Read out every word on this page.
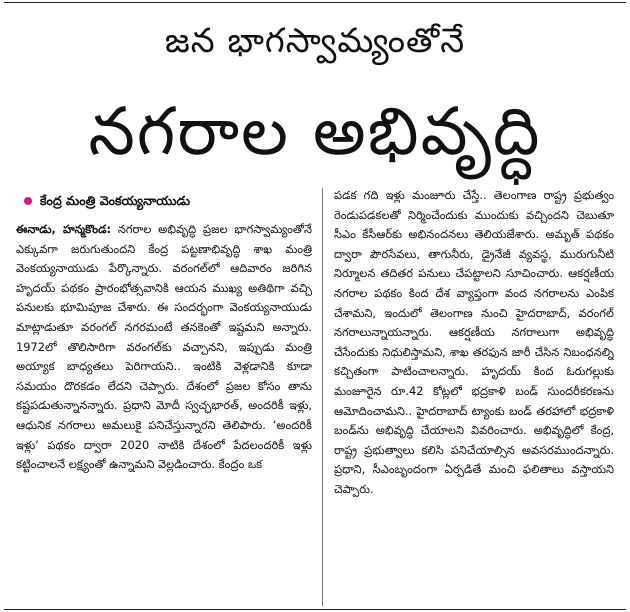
జన భాగస్వామ్యంతోనే
నగరాల అభివృద్ధి
కేంద్ర మంత్రి వెంకయ్యనాయుడు

ఈనాడు, హన్మకొండ: నగరాల అభివృద్ధి ప్రజల భాగస్వామ్యంతోనే ఎక్కువగా జరుగుతుందని కేంద్ర పట్టణాభివృద్ధి శాఖ మంత్రి వెంకయ్యనాయుడు పేర్కొన్నారు. వరంగల్‌లో ఆదివారం జరిగిన హృదయ్ పథకం ప్రారంభోత్సవానికి ఆయన ముఖ్య అతిథిగా వచ్చి పనులకు భూమిపూజ చేశారు. ఈ సందర్భంగా వెంకయ్యనాయుడు మాట్లాడుతూ వరంగల్ నగరమంటే తనకెంతో ఇష్టమని అన్నారు. 1972లో తొలిసారిగా వరంగల్‌కు వచ్చానని, ఇప్పుడు మంత్రి అయ్యాక బాధ్యతలు పెరిగాయని.. ఇంటికి వెళ్లడానికి కూడా సమయం దొరకడం లేదని చెప్పారు. దేశంలో ప్రజల కోసం తాను కష్టపడుతున్నానన్నారు. ప్రధాని మోదీ స్వచ్ఛభారత్, అందరికీ ఇళ్లు, ఆధునిక నగరాలు అమలుకై పనిచేస్తున్నారని తెలిపారు. ‘అందరికీ ఇళ్లు’ పథకం ద్వారా 2020 నాటికి దేశంలో పేదలందరికీ ఇళ్లు కట్టించాలనే లక్ష్యంతో ఉన్నామని వెల్లడించారు. కేంద్రం ఒక

పడక గది ఇళ్లు మంజూరు చేస్తే.. తెలంగాణ రాష్ట్ర ప్రభుత్వం రెండుపడకలతో నిర్మించేందుకు ముందుకు వచ్చిందని చెబుతూ సీఎం కేసీఆర్‌కు అభినందనలు తెలియజేశారు. అమృత్ పథకం ద్వారా పౌరసేవలు, తాగునీరు, డ్రైనేజీ వ్యవస్థ, మురుగునీటి నిర్మూలన తదితర పనులు చేపట్టాలని సూచించారు. ఆకర్షణీయ నగరాల పథకం కింద దేశ వ్యాప్తంగా వంద నగరాలను ఎంపిక చేశామని, ఇందులో తెలంగాణ నుంచి హైదరాబాద్, వరంగల్ నగరాలున్నాయన్నారు. ఆకర్షణీయ నగరాలుగా అభివృద్ధి చేసేందుకు నిధులిస్తామని, శాఖ తరఫున జారీ చేసిన నిబంధనల్ని కచ్చితంగా పాటించాలన్నారు. హృదయ్ కింద ఓరుగల్లుకు మంజూరైన రూ.42 కోట్లలో భద్రకాళి బండ్ సుందరీకరణను ఆమోదించామని.. హైదరాబాద్ ట్యాంకు బండ్ తరహాలో భద్రకాళి బండ్‌ను అభివృద్ధి చేయాలని వివరించారు. అభివృద్ధిలో కేంద్ర, రాష్ట్ర ప్రభుత్వాలు కలిసి పనిచేయాల్సిన అవసరముందన్నారు. ప్రధాని, సీఎంబృందంగా ఏర్పడితే మంచి ఫలితాలు వస్తాయని చెప్పారు.
